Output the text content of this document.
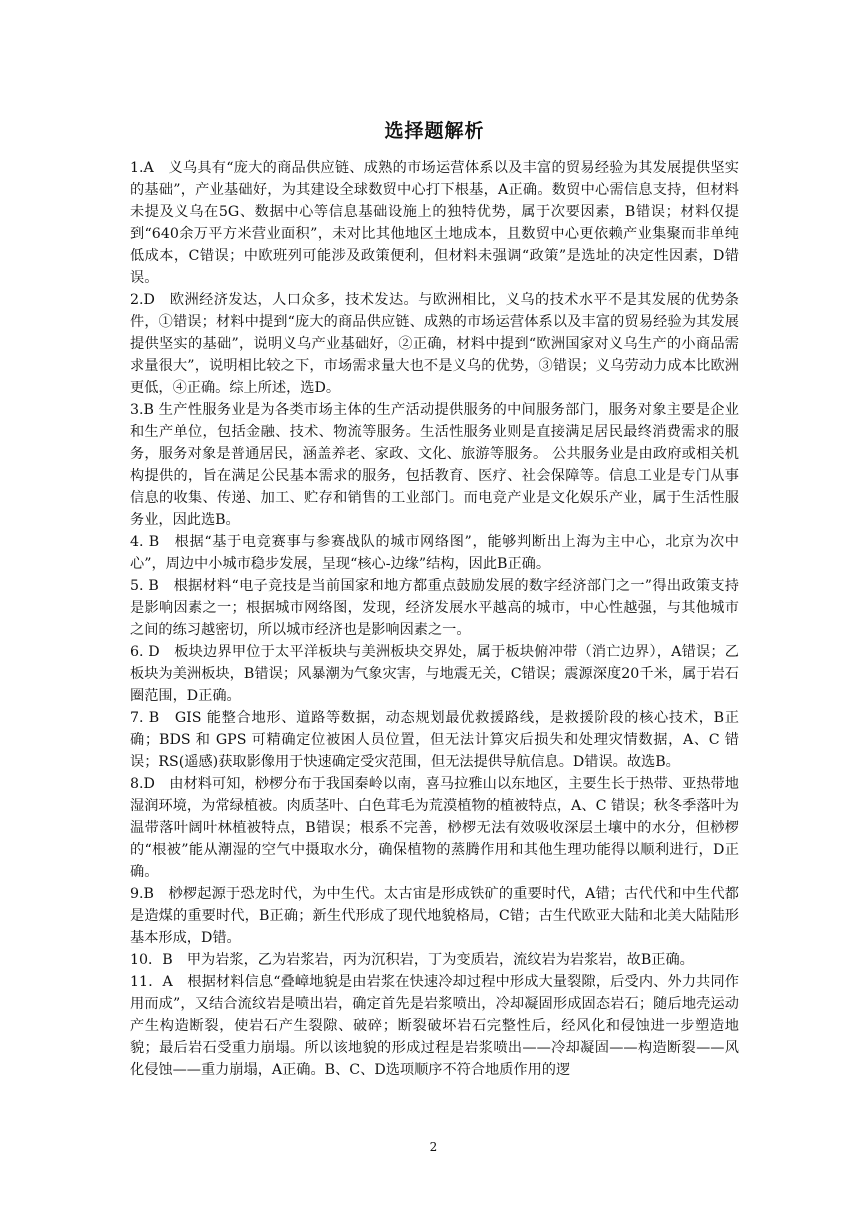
选择题解析

1.A　义乌具有“庞大的商品供应链、成熟的市场运营体系以及丰富的贸易经验为其发展提供坚实的基础”，产业基础好，为其建设全球数贸中心打下根基，A正确。数贸中心需信息支持，但材料未提及义乌在5G、数据中心等信息基础设施上的独特优势，属于次要因素，B错误；材料仅提到“640余万平方米营业面积”，未对比其他地区土地成本，且数贸中心更依赖产业集聚而非单纯低成本，C错误；中欧班列可能涉及政策便利，但材料未强调“政策”是选址的决定性因素，D错误。

2.D　欧洲经济发达，人口众多，技术发达。与欧洲相比，义乌的技术水平不是其发展的优势条件，①错误；材料中提到“庞大的商品供应链、成熟的市场运营体系以及丰富的贸易经验为其发展提供坚实的基础”，说明义乌产业基础好，②正确，材料中提到“欧洲国家对义乌生产的小商品需求量很大”，说明相比较之下，市场需求量大也不是义乌的优势，③错误；义乌劳动力成本比欧洲更低，④正确。综上所述，选D。

3.B 生产性服务业是为各类市场主体的生产活动提供服务的中间服务部门，服务对象主要是企业和生产单位，包括金融、技术、物流等服务。生活性服务业则是直接满足居民最终消费需求的服务，服务对象是普通居民，涵盖养老、家政、文化、旅游等服务。 公共服务业是由政府或相关机构提供的，旨在满足公民基本需求的服务，包括教育、医疗、社会保障等。信息工业是专门从事信息的收集、传递、加工、贮存和销售的工业部门。而电竞产业是文化娱乐产业，属于生活性服务业，因此选B。

4. B　根据“基于电竞赛事与参赛战队的城市网络图”，能够判断出上海为主中心，北京为次中心”，周边中小城市稳步发展，呈现“核心-边缘”结构，因此B正确。

5. B　根据材料“电子竞技是当前国家和地方都重点鼓励发展的数字经济部门之一”得出政策支持是影响因素之一；根据城市网络图，发现，经济发展水平越高的城市，中心性越强，与其他城市之间的练习越密切，所以城市经济也是影响因素之一。

6. D　板块边界甲位于太平洋板块与美洲板块交界处，属于板块俯冲带（消亡边界），A错误；乙板块为美洲板块，B错误；风暴潮为气象灾害，与地震无关，C错误；震源深度20千米，属于岩石圈范围，D正确。

7. B　GIS 能整合地形、道路等数据，动态规划最优救援路线，是救援阶段的核心技术，B正确；BDS 和 GPS 可精确定位被困人员位置，但无法计算灾后损失和处理灾情数据，A、C 错误；RS(遥感)获取影像用于快速确定受灾范围，但无法提供导航信息。D错误。故选B。

8.D　由材料可知，桫椤分布于我国秦岭以南，喜马拉雅山以东地区，主要生长于热带、亚热带地湿润环境，为常绿植被。肉质茎叶、白色茸毛为荒漠植物的植被特点，A、C 错误；秋冬季落叶为温带落叶阔叶林植被特点，B错误；根系不完善，桫椤无法有效吸收深层土壤中的水分，但桫椤的“根被”能从潮湿的空气中摄取水分，确保植物的蒸腾作用和其他生理功能得以顺利进行，D正确。

9.B　桫椤起源于恐龙时代，为中生代。太古宙是形成铁矿的重要时代，A错；古代代和中生代都是造煤的重要时代，B正确；新生代形成了现代地貌格局，C错；古生代欧亚大陆和北美大陆陆形基本形成，D错。

10．B　甲为岩浆，乙为岩浆岩，丙为沉积岩，丁为变质岩，流纹岩为岩浆岩，故B正确。

11．A　根据材料信息“叠嶂地貌是由岩浆在快速冷却过程中形成大量裂隙，后受内、外力共同作用而成”，又结合流纹岩是喷出岩，确定首先是岩浆喷出，冷却凝固形成固态岩石；随后地壳运动产生构造断裂，使岩石产生裂隙、破碎；断裂破坏岩石完整性后，经风化和侵蚀进一步塑造地貌；最后岩石受重力崩塌。所以该地貌的形成过程是岩浆喷出——冷却凝固——构造断裂——风化侵蚀——重力崩塌，A正确。B、C、D选项顺序不符合地质作用的逻

2
